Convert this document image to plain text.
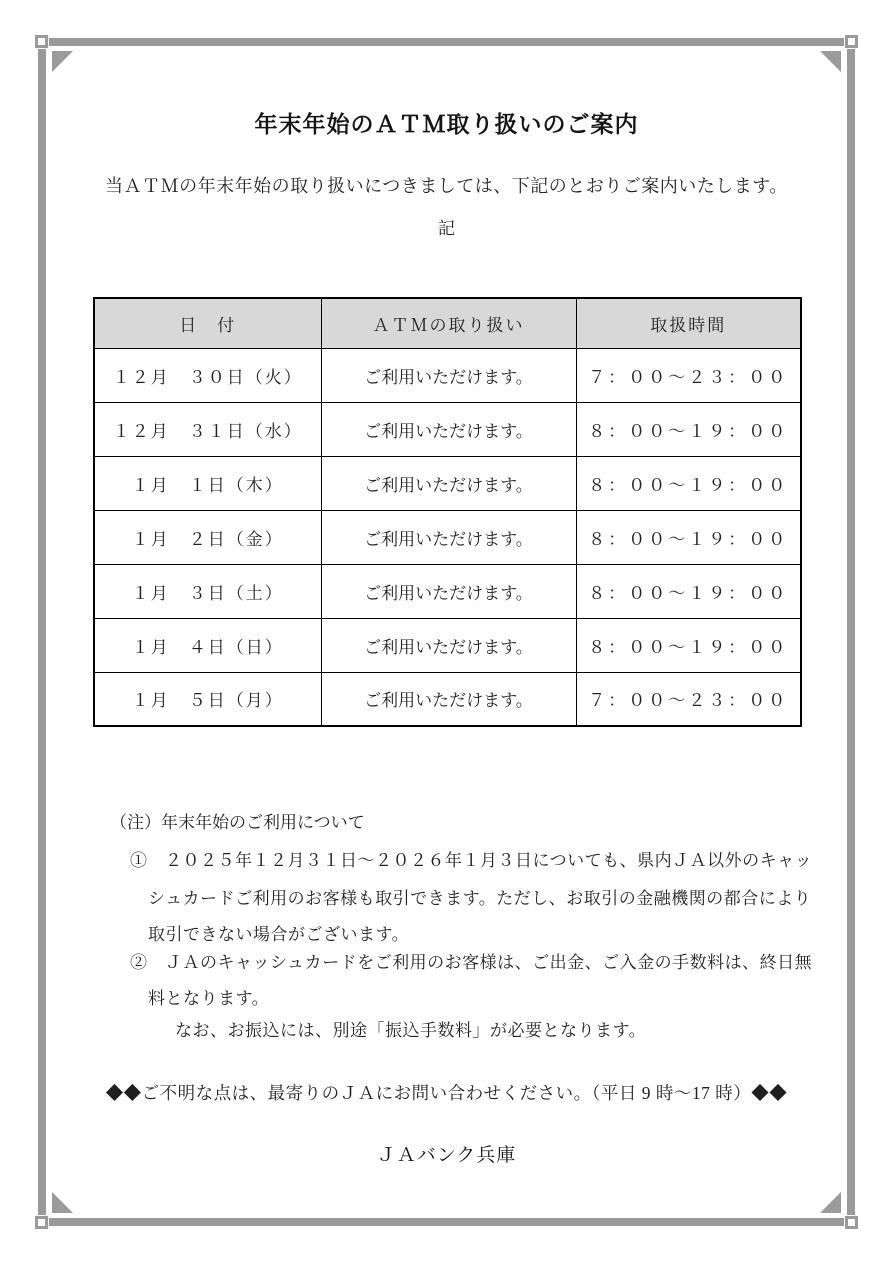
年末年始のＡＴＭ取り扱いのご案内
当ＡＴＭの年末年始の取り扱いにつきましては、下記のとおりご案内いたします。
記
日　付	ＡＴＭの取り扱い	取扱時間
１２月　３０日（火）	ご利用いただけます。	７：００～２３：００
１２月　３１日（水）	ご利用いただけます。	８：００～１９：００
１月　１日（木）	ご利用いただけます。	８：００～１９：００
１月　２日（金）	ご利用いただけます。	８：００～１９：００
１月　３日（土）	ご利用いただけます。	８：００～１９：００
１月　４日（日）	ご利用いただけます。	８：００～１９：００
１月　５日（月）	ご利用いただけます。	７：００～２３：００
（注）年末年始のご利用について
①　２０２５年１２月３１日～２０２６年１月３日についても、県内ＪＡ以外のキャッ
シュカードご利用のお客様も取引できます。ただし、お取引の金融機関の都合により
取引できない場合がございます。
②　ＪＡのキャッシュカードをご利用のお客様は、ご出金、ご入金の手数料は、終日無
料となります。
なお、お振込には、別途「振込手数料」が必要となります。
◆◆ご不明な点は、最寄りのＪＡにお問い合わせください。（平日 9 時～17 時）◆◆
ＪＡバンク兵庫
